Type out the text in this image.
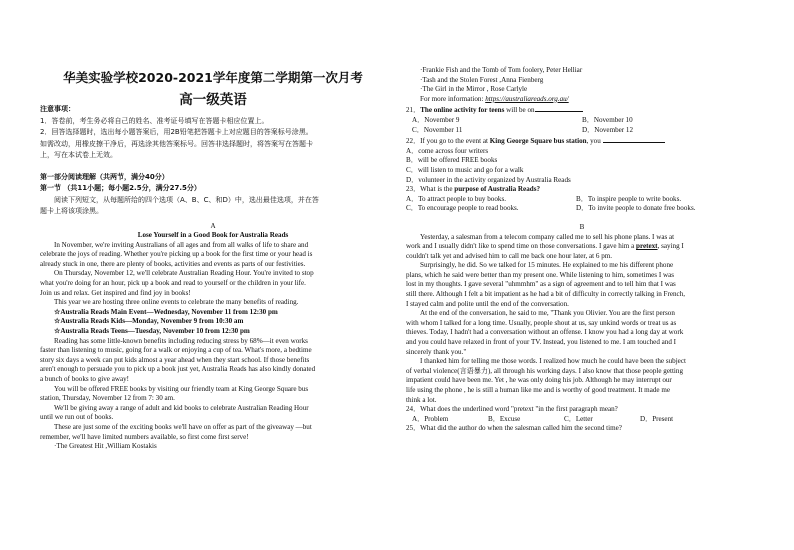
华美实验学校2020-2021学年度第二学期第一次月考
高一级英语
注意事项：
1．答卷前，考生务必将自己的姓名、准考证号填写在答题卡相应位置上。
2．回答选择题时，选出每小题答案后，用2B铅笔把答题卡上对应题目的答案标号涂黑。
如需改动，用橡皮擦干净后，再选涂其他答案标号。回答非选择题时，将答案写在答题卡
上，写在本试卷上无效。
第一部分阅读理解（共两节，满分40分）
第一节 （共11小题；每小题2.5分，满分27.5分）
阅读下列短文，从每题所给的四个选项（A、B、C、和D）中，选出最佳选项，并在答
题卡上将该项涂黑。
A
Lose Yourself in a Good Book for Australia Reads
In November, we're inviting Australians of all ages and from all walks of life to share and
celebrate the joys of reading. Whether you're picking up a book for the first time or your head is
already stuck in one, there are plenty of books, activities and events as parts of our festivities.
On Thursday, November 12, we'll celebrate Australian Reading Hour. You're invited to stop
what you're doing for an hour, pick up a book and read to yourself or the children in your life.
Join us and relax. Get inspired and find joy in books!
This year we are hosting three online events to celebrate the many benefits of reading.
☆Australia Reads Main Event—Wednesday, November 11 from 12:30 pm
☆Australia Reads Kids—Monday, November 9 from 10:30 am
☆Australia Reads Teens—Tuesday, November 10 from 12:30 pm
Reading has some little-known benefits including reducing stress by 68%—it even works
faster than listening to music, going for a walk or enjoying a cup of tea. What's more, a bedtime
story six days a week can put kids almost a year ahead when they start school. If those benefits
aren't enough to persuade you to pick up a book just yet, Australia Reads has also kindly donated
a bunch of books to give away!
You will be offered FREE books by visiting our friendly team at King George Square bus
station, Thursday, November 12 from 7: 30 am.
We'll be giving away a range of adult and kid books to celebrate Australian Reading Hour
until we run out of books.
These are just some of the exciting books we'll have on offer as part of the giveaway —but
remember, we'll have limited numbers available, so first come first serve!
·The Greatest Hit ,William Kostakis
·Frankie Fish and the Tomb of Tom foolery, Peter Helliar
·Tash and the Stolen Forest ,Anna Fienberg
·The Girl in the Mirror , Rose Carlyle
For more information: https://australiareads.org.au/
21．The online activity for teens will be on
A．November 9	B．November 10
C．November 11	D．November 12
22．If you go to the event at King George Square bus station, you
A．come across four writers
B．will be offered FREE books
C．will listen to music and go for a walk
D．volunteer in the activity organized by Australia Reads
23．What is the purpose of Australia Reads?
A．To attract people to buy books.	B．To inspire people to write books.
C．To encourage people to read books.	D．To invite people to donate free books.
B
Yesterday, a salesman from a telecom company called me to sell his phone plans. I was at
work and I usually didn't like to spend time on those conversations. I gave him a pretext, saying I
couldn't talk yet and advised him to call me back one hour later, at 6 pm.
Surprisingly, he did. So we talked for 15 minutes. He explained to me his different phone
plans, which he said were better than my present one. While listening to him, sometimes I was
lost in my thoughts. I gave several "uhmmhm" as a sign of agreement and to tell him that I was
still there. Although I felt a bit impatient as he had a bit of difficulty in correctly talking in French,
I stayed calm and polite until the end of the conversation.
At the end of the conversation, he said to me, "Thank you Olivier. You are the first person
with whom I talked for a long time. Usually, people shout at us, say unkind words or treat us as
thieves. Today, I hadn't had a conversation without an offense. I know you had a long day at work
and you could have relaxed in front of your TV. Instead, you listened to me. I am touched and I
sincerely thank you."
I thanked him for telling me those words. I realized how much he could have been the subject
of verbal violence(言语暴力), all through his working days. I also know that those people getting
impatient could have been me. Yet , he was only doing his job. Although he may interrupt our
life using the phone , he is still a human like me and is worthy of good treatment. It made me
think a lot.
24．What does the underlined word "pretext "in the first paragraph mean?
A．Problem	B．Excuse	C．Letter	D．Present
25．What did the author do when the salesman called him the second time?
